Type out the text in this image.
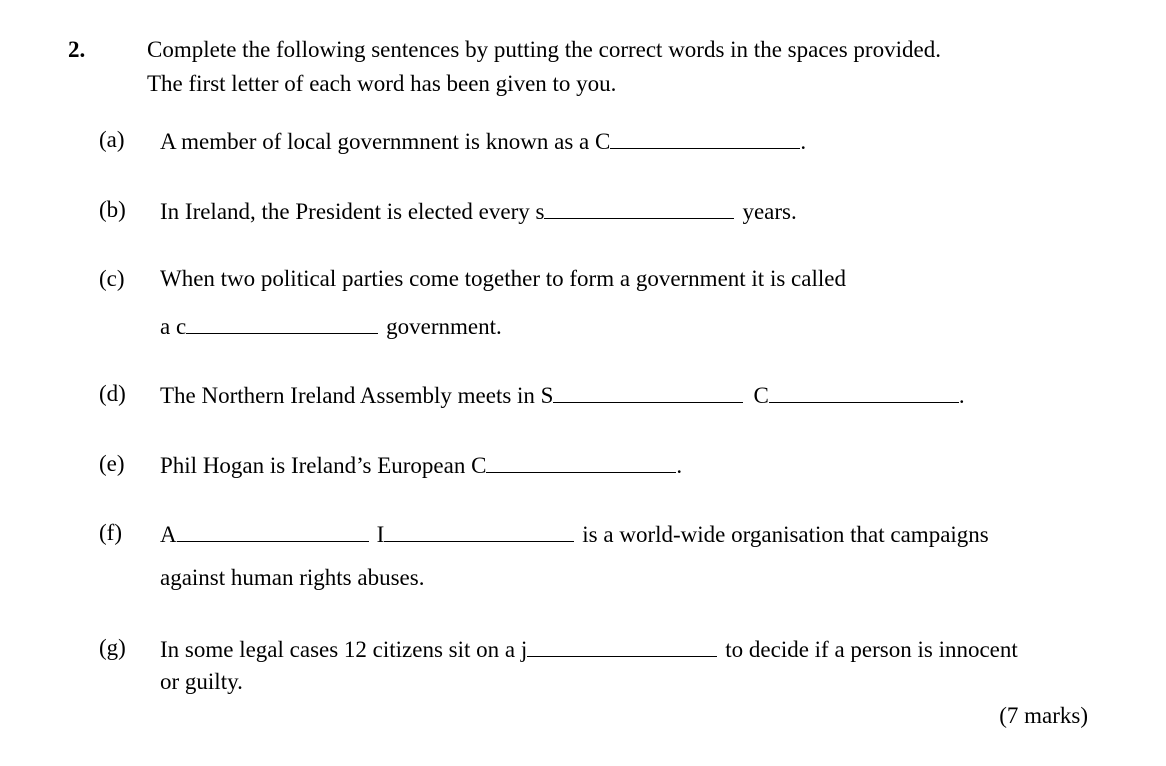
2.	Complete the following sentences by putting the correct words in the spaces provided.
The first letter of each word has been given to you.
(a) A member of local governmnent is known as a C	.
(b) In Ireland, the President is elected every s	years.
(c) When two political parties come together to form a government it is called
a c	government.
(d) The Northern Ireland Assembly meets in S	C	.
(e) Phil Hogan is Ireland’s European C	.
(f) A	I	is a world-wide organisation that campaigns
against human rights abuses.
(g) In some legal cases 12 citizens sit on a j	to decide if a person is innocent
or guilty.
(7 marks)
